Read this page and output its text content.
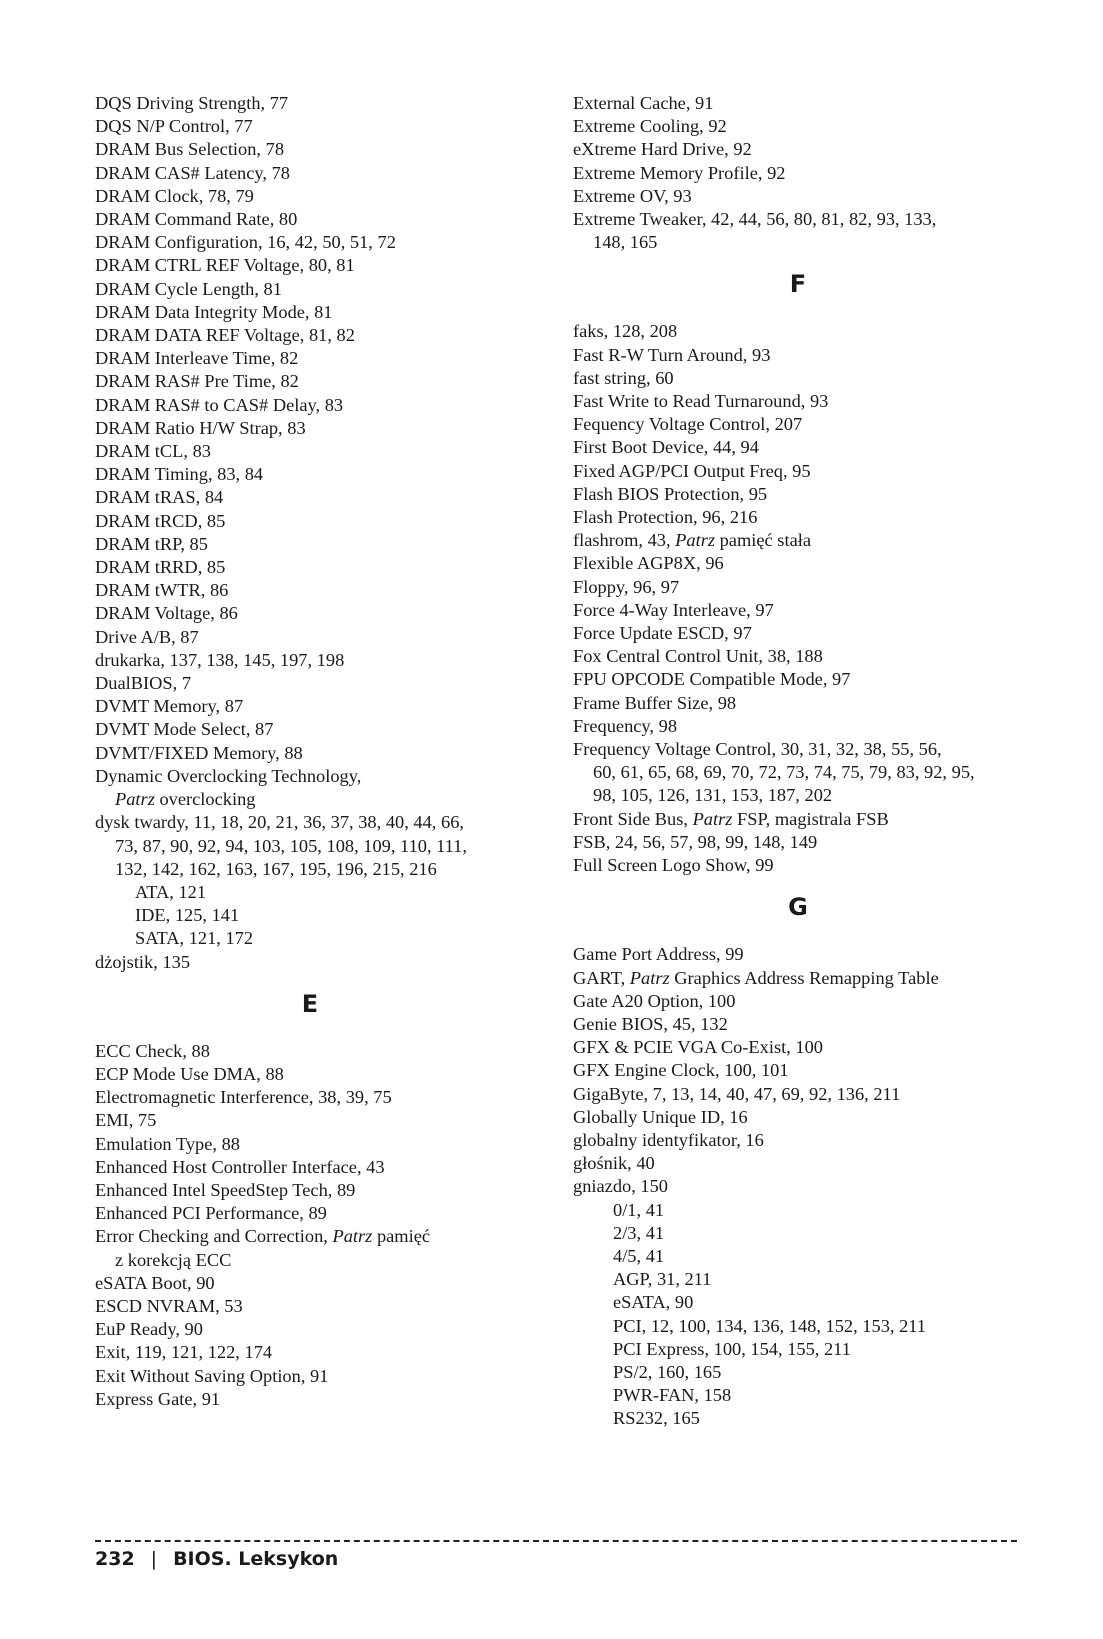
DQS Driving Strength, 77
DQS N/P Control, 77
DRAM Bus Selection, 78
DRAM CAS# Latency, 78
DRAM Clock, 78, 79
DRAM Command Rate, 80
DRAM Configuration, 16, 42, 50, 51, 72
DRAM CTRL REF Voltage, 80, 81
DRAM Cycle Length, 81
DRAM Data Integrity Mode, 81
DRAM DATA REF Voltage, 81, 82
DRAM Interleave Time, 82
DRAM RAS# Pre Time, 82
DRAM RAS# to CAS# Delay, 83
DRAM Ratio H/W Strap, 83
DRAM tCL, 83
DRAM Timing, 83, 84
DRAM tRAS, 84
DRAM tRCD, 85
DRAM tRP, 85
DRAM tRRD, 85
DRAM tWTR, 86
DRAM Voltage, 86
Drive A/B, 87
drukarka, 137, 138, 145, 197, 198
DualBIOS, 7
DVMT Memory, 87
DVMT Mode Select, 87
DVMT/FIXED Memory, 88
Dynamic Overclocking Technology,
Patrz overclocking
dysk twardy, 11, 18, 20, 21, 36, 37, 38, 40, 44, 66,
73, 87, 90, 92, 94, 103, 105, 108, 109, 110, 111,
132, 142, 162, 163, 167, 195, 196, 215, 216
ATA, 121
IDE, 125, 141
SATA, 121, 172
dżojstik, 135
E
ECC Check, 88
ECP Mode Use DMA, 88
Electromagnetic Interference, 38, 39, 75
EMI, 75
Emulation Type, 88
Enhanced Host Controller Interface, 43
Enhanced Intel SpeedStep Tech, 89
Enhanced PCI Performance, 89
Error Checking and Correction, Patrz pamięć
z korekcją ECC
eSATA Boot, 90
ESCD NVRAM, 53
EuP Ready, 90
Exit, 119, 121, 122, 174
Exit Without Saving Option, 91
Express Gate, 91
External Cache, 91
Extreme Cooling, 92
eXtreme Hard Drive, 92
Extreme Memory Profile, 92
Extreme OV, 93
Extreme Tweaker, 42, 44, 56, 80, 81, 82, 93, 133,
148, 165
F
faks, 128, 208
Fast R-W Turn Around, 93
fast string, 60
Fast Write to Read Turnaround, 93
Fequency Voltage Control, 207
First Boot Device, 44, 94
Fixed AGP/PCI Output Freq, 95
Flash BIOS Protection, 95
Flash Protection, 96, 216
flashrom, 43, Patrz pamięć stała
Flexible AGP8X, 96
Floppy, 96, 97
Force 4-Way Interleave, 97
Force Update ESCD, 97
Fox Central Control Unit, 38, 188
FPU OPCODE Compatible Mode, 97
Frame Buffer Size, 98
Frequency, 98
Frequency Voltage Control, 30, 31, 32, 38, 55, 56,
60, 61, 65, 68, 69, 70, 72, 73, 74, 75, 79, 83, 92, 95,
98, 105, 126, 131, 153, 187, 202
Front Side Bus, Patrz FSP, magistrala FSB
FSB, 24, 56, 57, 98, 99, 148, 149
Full Screen Logo Show, 99
G
Game Port Address, 99
GART, Patrz Graphics Address Remapping Table
Gate A20 Option, 100
Genie BIOS, 45, 132
GFX & PCIE VGA Co-Exist, 100
GFX Engine Clock, 100, 101
GigaByte, 7, 13, 14, 40, 47, 69, 92, 136, 211
Globally Unique ID, 16
globalny identyfikator, 16
głośnik, 40
gniazdo, 150
0/1, 41
2/3, 41
4/5, 41
AGP, 31, 211
eSATA, 90
PCI, 12, 100, 134, 136, 148, 152, 153, 211
PCI Express, 100, 154, 155, 211
PS/2, 160, 165
PWR-FAN, 158
RS232, 165
232 | BIOS. Leksykon
